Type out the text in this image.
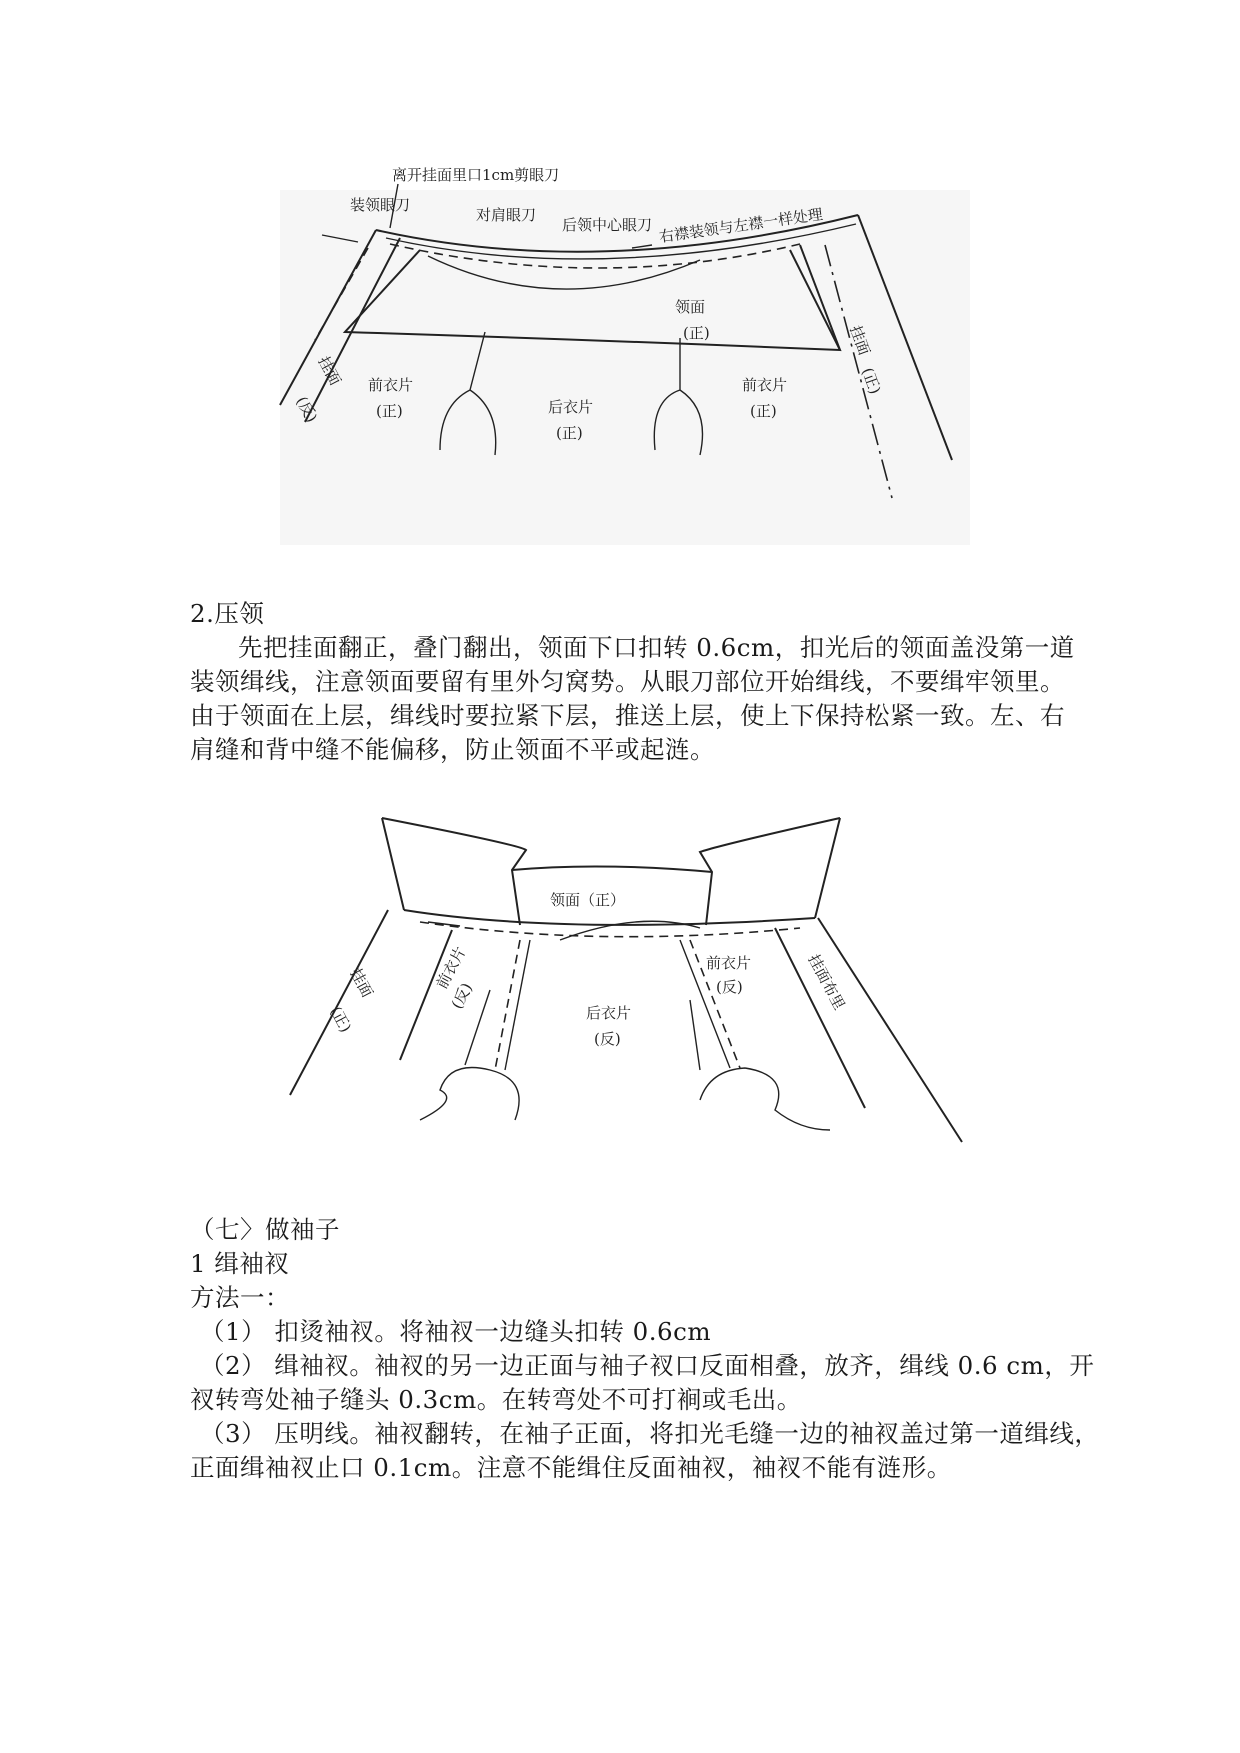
离开挂面里口1cm剪眼刀
装领眼刀
对肩眼刀
后领中心眼刀 右襟装领与左襟一样处理
领面
(正)
挂面
(反)
前衣片
(正)	后衣片
(正)
前衣片
(正)
挂面
(正)
2.压领
先把挂面翻正，叠门翻出，领面下口扣转 0.6cm，扣光后的领面盖没第一道
装领缉线，注意领面要留有里外匀窝势。从眼刀部位开始缉线，不要缉牢领里。
由于领面在上层，缉线时要拉紧下层，推送上层，使上下保持松紧一致。左、右
肩缝和背中缝不能偏移，防止领面不平或起涟。
领面（正）
挂面
(正)
前衣片
(反)
后衣片
(反)
前衣片
(反)	挂面布里
（七〉做袖子
1 缉袖衩
方法一：
（1） 扣烫袖衩。将袖衩一边缝头扣转 0.6cm
（2） 缉袖衩。袖衩的另一边正面与袖子衩口反面相叠，放齐，缉线 0.6 cm，开
衩转弯处袖子缝头 0.3cm。在转弯处不可打裥或毛出。
（3） 压明线。袖衩翻转，在袖子正面，将扣光毛缝一边的袖衩盖过第一道缉线，
正面缉袖衩止口 0.1cm。注意不能缉住反面袖衩，袖衩不能有涟形。
